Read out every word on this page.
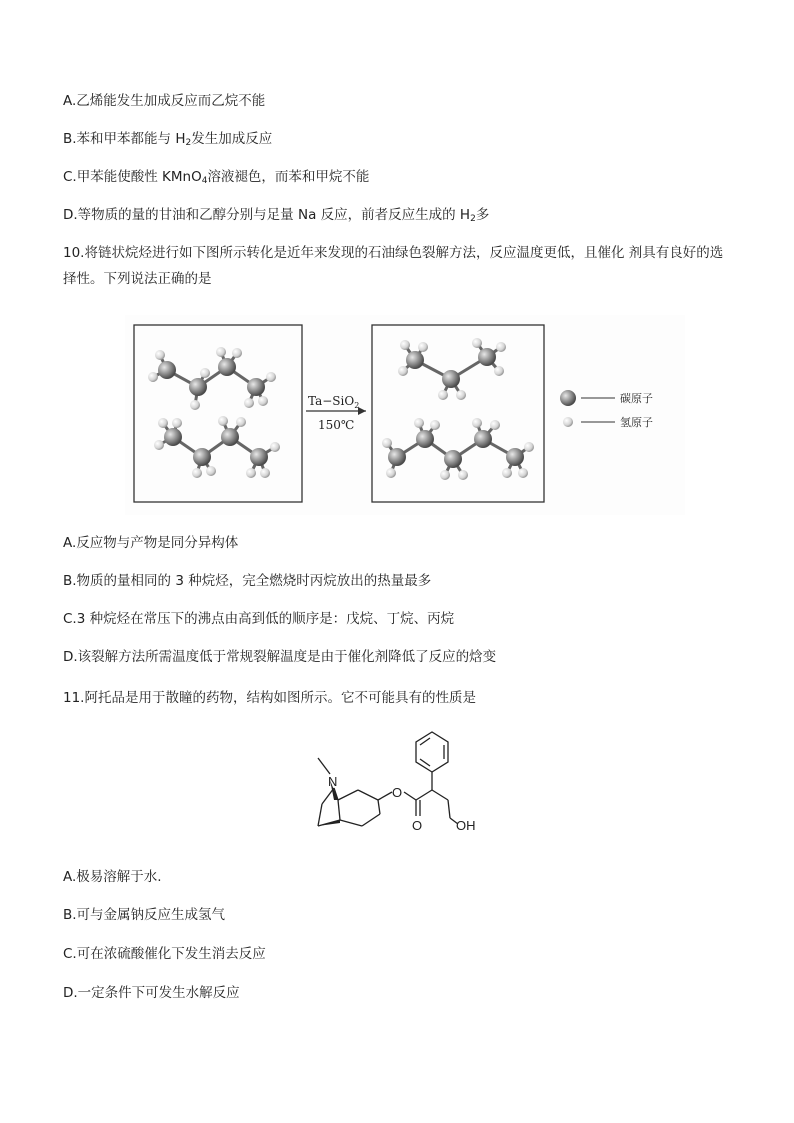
A.乙烯能发生加成反应而乙烷不能
B.苯和甲苯都能与 $H_2$发生加成反应
C.甲苯能使酸性 KMnO$_4$溶液褪色，而苯和甲烷不能
D.等物质的量的甘油和乙醇分别与足量 Na 反应，前者反应生成的 $H_2$多
10.将链状烷烃进行如下图所示转化是近年来发现的石油绿色裂解方法，反应温度更低，且催化 剂具有良好的选择性。下列说法正确的是
Ta−SiO$_2$
150℃
碳原子
氢原子
A.反应物与产物是同分异构体
B.物质的量相同的 3 种烷烃，完全燃烧时丙烷放出的热量最多
C.3 种烷烃在常压下的沸点由高到低的顺序是：戊烷、丁烷、丙烷
D.该裂解方法所需温度低于常规裂解温度是由于催化剂降低了反应的焓变
11.阿托品是用于散瞳的药物，结构如图所示。它不可能具有的性质是
N
O
O	OH
A.极易溶解于水.
B.可与金属钠反应生成氢气
C.可在浓硫酸催化下发生消去反应
D.一定条件下可发生水解反应
